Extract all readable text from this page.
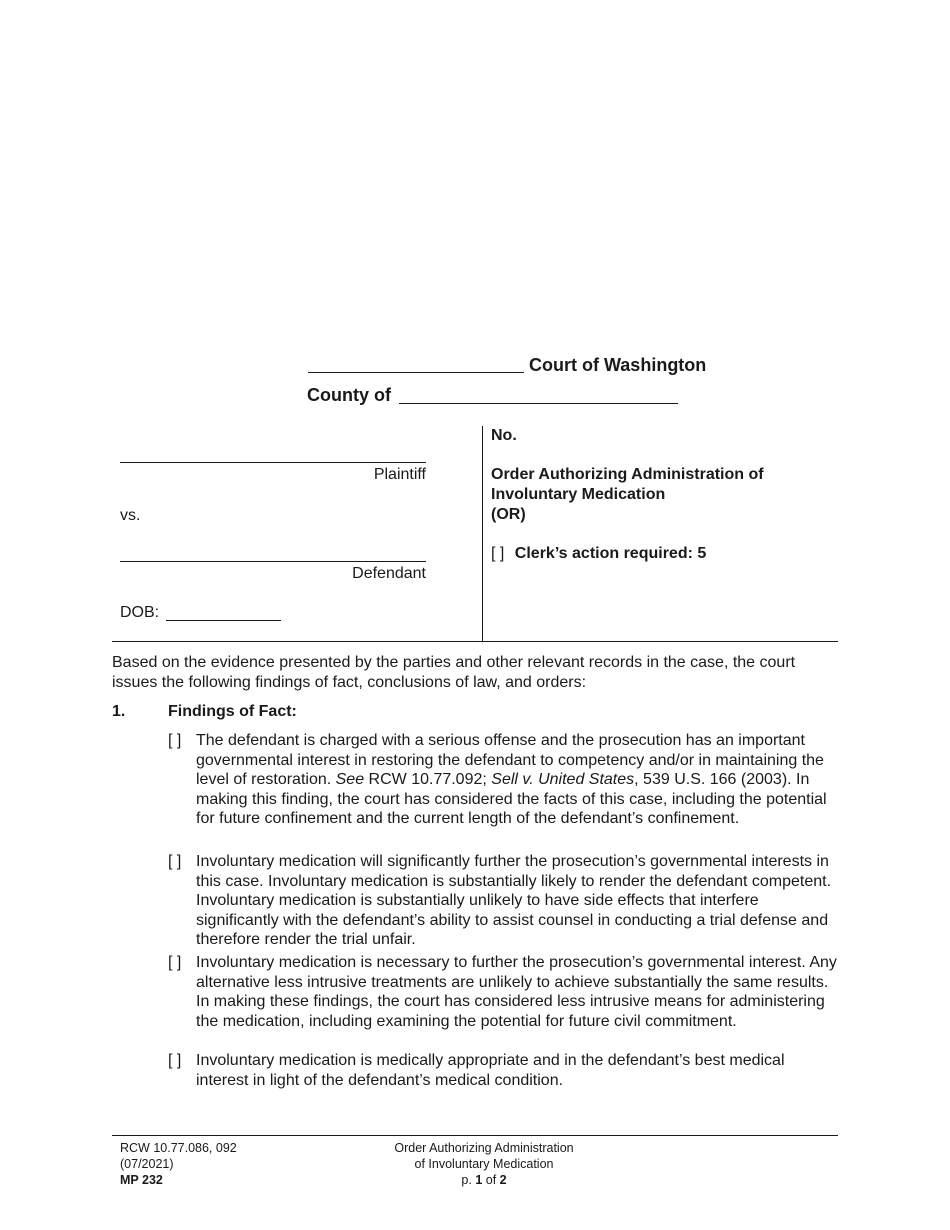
Court of Washington
County of
Plaintiff
vs.
Defendant
DOB:
No.
Order Authorizing Administration of
Involuntary Medication
(OR)
[ ] Clerk’s action required: 5
Based on the evidence presented by the parties and other relevant records in the case, the court issues the following findings of fact, conclusions of law, and orders:
1.	Findings of Fact:
[ ] The defendant is charged with a serious offense and the prosecution has an important governmental interest in restoring the defendant to competency and/or in maintaining the level of restoration. See RCW 10.77.092; Sell v. United States, 539 U.S. 166 (2003). In making this finding, the court has considered the facts of this case, including the potential for future confinement and the current length of the defendant’s confinement.
[ ] Involuntary medication will significantly further the prosecution’s governmental interests in this case. Involuntary medication is substantially likely to render the defendant competent. Involuntary medication is substantially unlikely to have side effects that interfere significantly with the defendant’s ability to assist counsel in conducting a trial defense and therefore render the trial unfair.
[ ] Involuntary medication is necessary to further the prosecution’s governmental interest. Any alternative less intrusive treatments are unlikely to achieve substantially the same results. In making these findings, the court has considered less intrusive means for administering the medication, including examining the potential for future civil commitment.
[ ] Involuntary medication is medically appropriate and in the defendant’s best medical interest in light of the defendant’s medical condition.
RCW 10.77.086, 092
(07/2021)
MP 232
Order Authorizing Administration
of Involuntary Medication
p. 1 of 2
